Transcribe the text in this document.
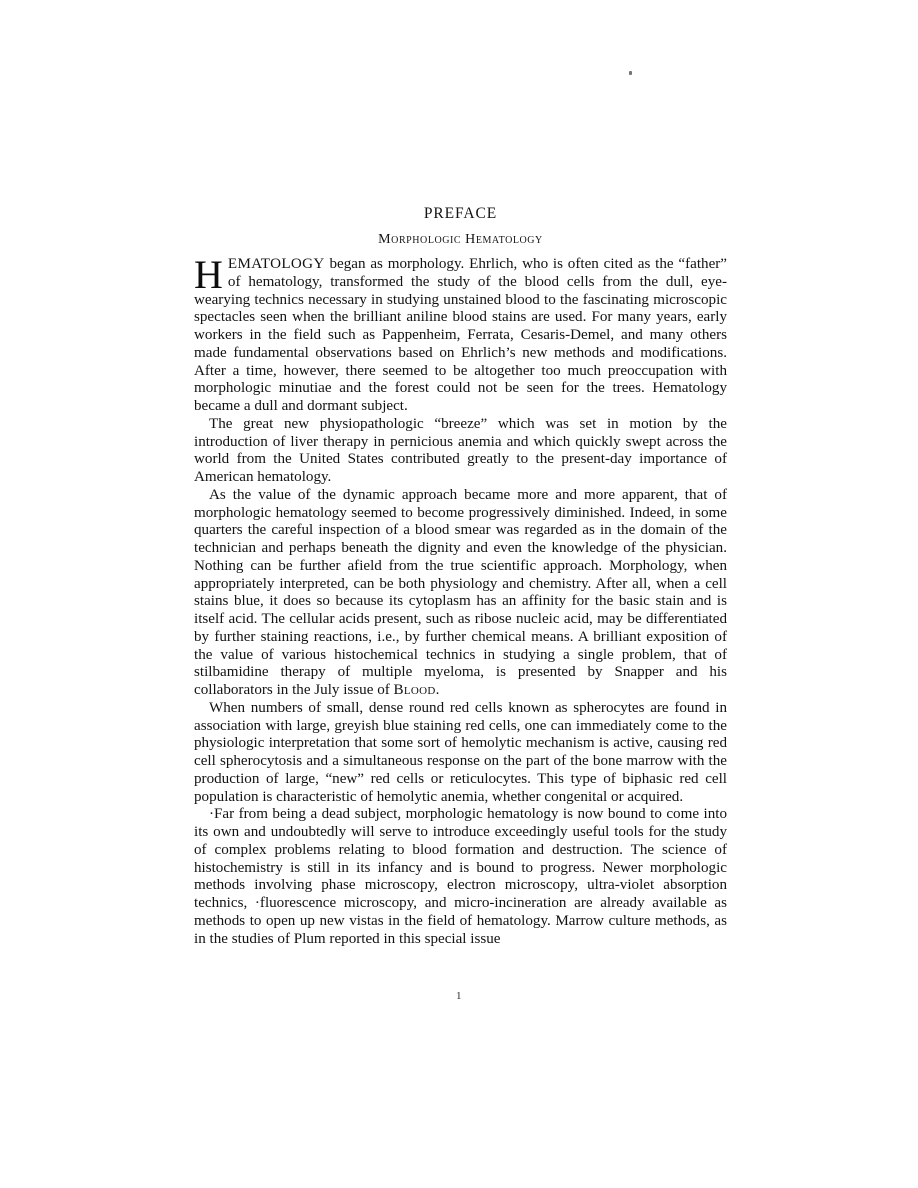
PREFACE
Morphologic Hematology

HEMATOLOGY began as morphology. Ehrlich, who is often cited as the “father” of hematology, transformed the study of the blood cells from the dull, eye-wearying technics necessary in studying unstained blood to the fascinating microscopic spectacles seen when the brilliant aniline blood stains are used. For many years, early workers in the field such as Pappenheim, Ferrata, Cesaris-Demel, and many others made fundamental observations based on Ehrlich’s new methods and modifications. After a time, however, there seemed to be altogether too much preoccupation with morphologic minutiae and the forest could not be seen for the trees. Hematology became a dull and dormant subject.

The great new physiopathologic “breeze” which was set in motion by the introduction of liver therapy in pernicious anemia and which quickly swept across the world from the United States contributed greatly to the present-day importance of American hematology.

As the value of the dynamic approach became more and more apparent, that of morphologic hematology seemed to become progressively diminished. Indeed, in some quarters the careful inspection of a blood smear was regarded as in the domain of the technician and perhaps beneath the dignity and even the knowledge of the physician. Nothing can be further afield from the true scientific approach. Morphology, when appropriately interpreted, can be both physiology and chemistry. After all, when a cell stains blue, it does so because its cytoplasm has an affinity for the basic stain and is itself acid. The cellular acids present, such as ribose nucleic acid, may be differentiated by further staining reactions, i.e., by further chemical means. A brilliant exposition of the value of various histochemical technics in studying a single problem, that of stilbamidine therapy of multiple myeloma, is presented by Snapper and his collaborators in the July issue of Blood.

When numbers of small, dense round red cells known as spherocytes are found in association with large, greyish blue staining red cells, one can immediately come to the physiologic interpretation that some sort of hemolytic mechanism is active, causing red cell spherocytosis and a simultaneous response on the part of the bone marrow with the production of large, “new” red cells or reticulocytes. This type of biphasic red cell population is characteristic of hemolytic anemia, whether congenital or acquired.

·Far from being a dead subject, morphologic hematology is now bound to come into its own and undoubtedly will serve to introduce exceedingly useful tools for the study of complex problems relating to blood formation and destruction. The science of histochemistry is still in its infancy and is bound to progress. Newer morphologic methods involving phase microscopy, electron microscopy, ultra-violet absorption technics, ·fluorescence microscopy, and micro-incineration are already available as methods to open up new vistas in the field of hematology. Marrow culture methods, as in the studies of Plum reported in this special issue

1
